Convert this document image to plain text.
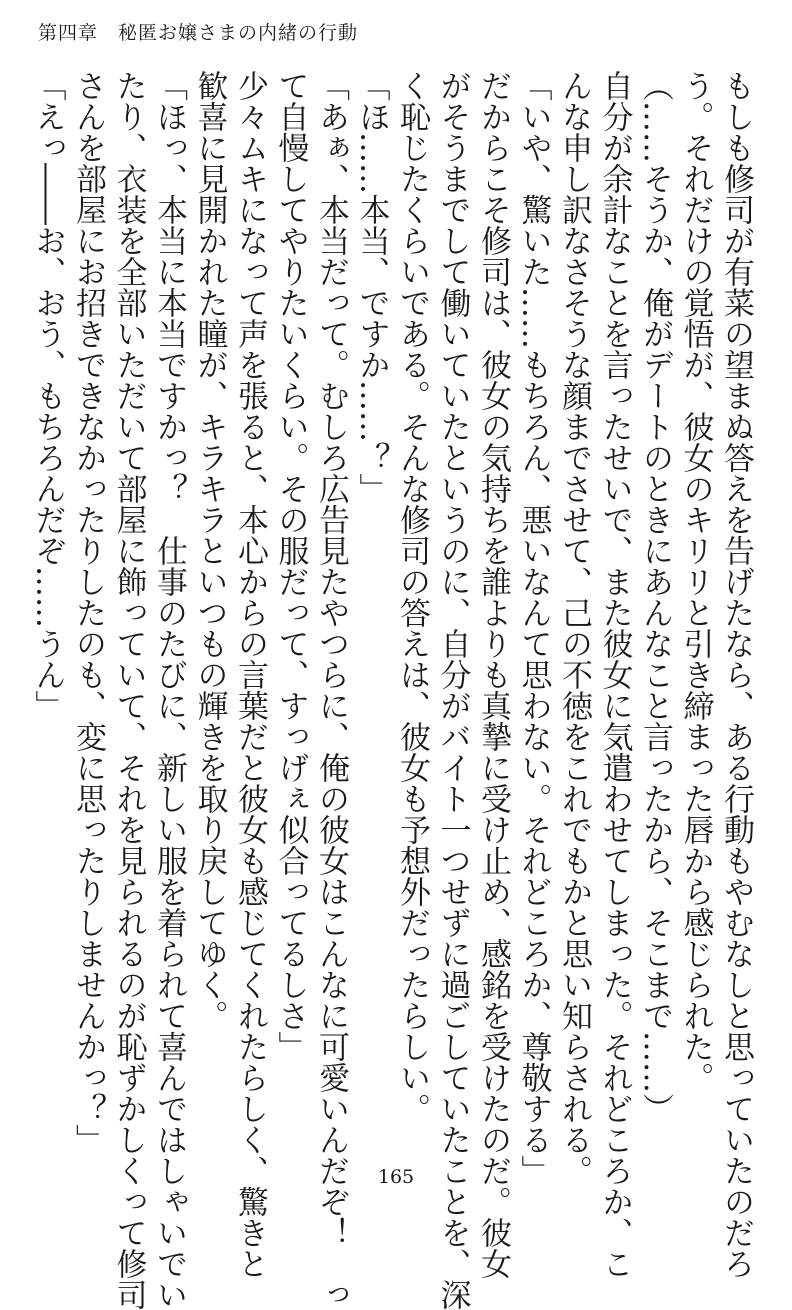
第四章　秘匿お嬢さまの内緒の行動

もしも修司が有菜の望まぬ答えを告げたなら、ある行動もやむなしと思っていたのだろ

う。それだけの覚悟が、彼女のキリリと引き締まった唇から感じられた。

（……そうか、俺がデートのときにあんなこと言ったから、そこまで……）

自分が余計なことを言ったせいで、また彼女に気遣わせてしまった。それどころか、こ

んな申し訳なさそうな顔までさせて、己の不徳をこれでもかと思い知らされる。

「いや、驚いた……もちろん、悪いなんて思わない。それどころか、尊敬する」

だからこそ修司は、彼女の気持ちを誰よりも真摯に受け止め、感銘を受けたのだ。彼女

がそうまでして働いていたというのに、自分がバイト一つせずに過ごしていたことを、深

く恥じたくらいである。そんな修司の答えは、彼女も予想外だったらしい。

「ほ……本当、ですか……？」

「あぁ、本当だって。むしろ広告見たやつらに、俺の彼女はこんなに可愛いんだぞ！　っ

て自慢してやりたいくらい。その服だって、すっげぇ似合ってるしさ」

少々ムキになって声を張ると、本心からの言葉だと彼女も感じてくれたらしく、驚きと

歓喜に見開かれた瞳が、キラキラといつもの輝きを取り戻してゆく。

「ほっ、本当に本当ですかっ？　仕事のたびに、新しい服を着られて喜んではしゃいでい

たり、衣装を全部いただいて部屋に飾っていて、それを見られるのが恥ずかしくって修司

さんを部屋にお招きできなかったりしたのも、変に思ったりしませんかっ？」

「えっ――お、おう、もちろんだぞ……うん」

165
